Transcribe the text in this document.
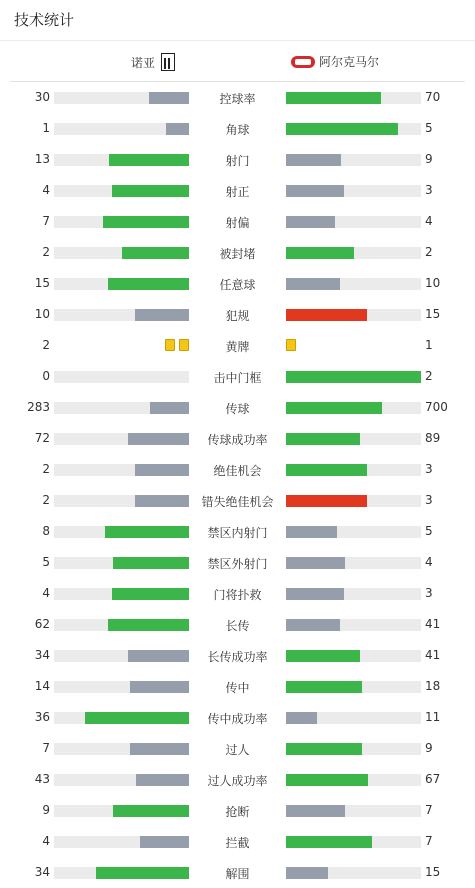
技术统计
诺亚	阿尔克马尔
30	控球率	70
1	角球	5
13	射门	9
4	射正	3
7	射偏	4
2	被封堵	2
15	任意球	10
10	犯规	15
2	黄牌	1
0	击中门框	2
283	传球	700
72	传球成功率	89
2	绝佳机会	3
2	错失绝佳机会	3
8	禁区内射门	5
5	禁区外射门	4
4	门将扑救	3
62	长传	41
34	长传成功率	41
14	传中	18
36	传中成功率	11
7	过人	9
43	过人成功率	67
9	抢断	7
4	拦截	7
34	解围	15
